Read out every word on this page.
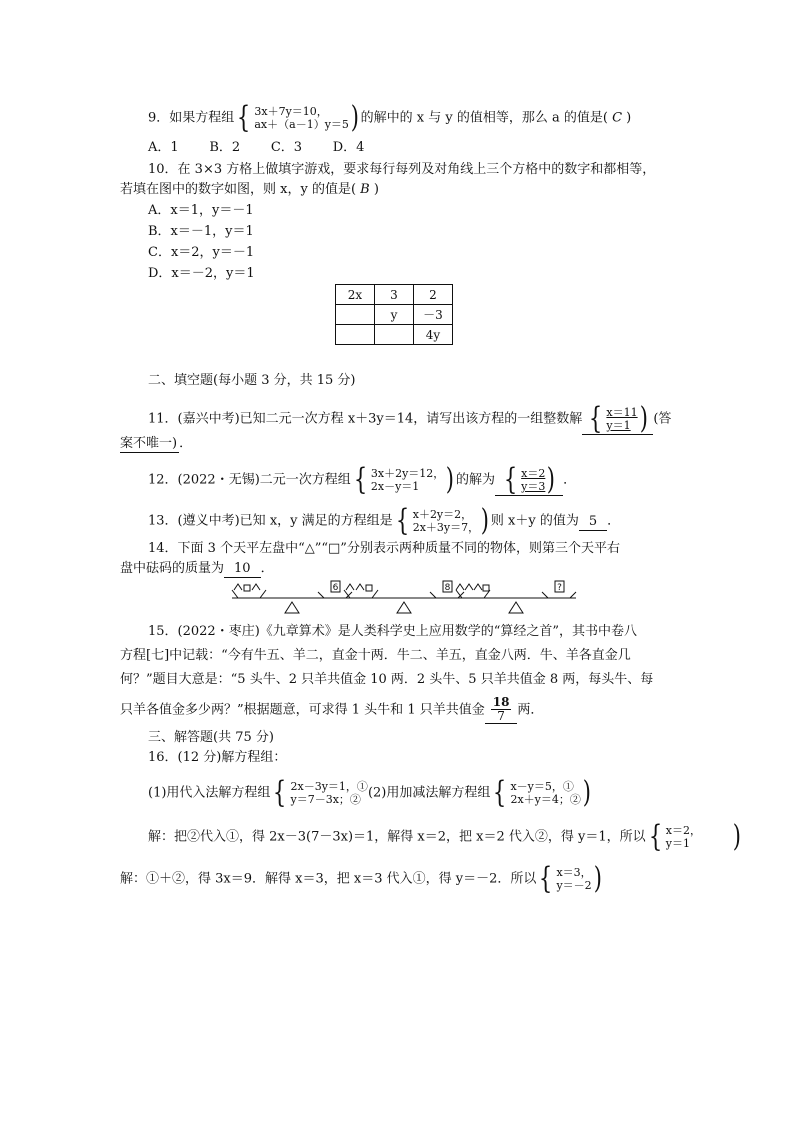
9．如果方程组 { 3x＋7y＝10，
ax＋（a－1）y＝5 ) 的解中的 x 与 y 的值相等，那么 a 的值是( C )
A．1 B．2 C．3 D．4
10．在 3×3 方格上做填字游戏，要求每行每列及对角线上三个方格中的数字和都相等，
若填在图中的数字如图，则 x，y 的值是( B )
A．x＝1，y＝－1
B．x＝－1，y＝1
C．x＝2，y＝－1
D．x＝－2，y＝1
2x	3	2
	y	－3
		4y
二、填空题(每小题 3 分，共 15 分)
11．(嘉兴中考)已知二元一次方程 x＋3y＝14，请写出该方程的一组整数解 { x＝11
y＝1 ) (答
案不唯一) ．
12．(2022・无锡)二元一次方程组 { 3x＋2y＝12，
2x－y＝1 ) 的解为 { x＝2
y＝3 ) ．
13．(遵义中考)已知 x，y 满足的方程组是 { x＋2y＝2，
2x＋3y＝7， ) 则 x＋y 的值为 5 ．
14．下面 3 个天平左盘中“△”“□”分别表示两种质量不同的物体，则第三个天平右
盘中砝码的质量为 10 ．
6	8	?
15．(2022・枣庄)《九章算术》是人类科学史上应用数学的“算经之首”，其书中卷八
方程[七]中记载：“今有牛五、羊二，直金十两．牛二、羊五，直金八两．牛、羊各直金几
何？”题目大意是：“5 头牛、2 只羊共值金 10 两．2 头牛、5 只羊共值金 8 两，每头牛、每
只羊各值金多少两？”根据题意，可求得 1 头牛和 1 只羊共值金 $\frac{18}{7}$ 两．
三、解答题(共 75 分)
16．(12 分)解方程组：
(1)用代入法解方程组 { 2x－3y＝1，①
y＝7－3x；② (2)用加减法解方程组 { x－y＝5，①
2x＋y＝4；② )
解：把②代入①，得 2x－3(7－3x)＝1，解得 x＝2，把 x＝2 代入②，得 y＝1，所以 { x＝2，
y＝1	)
解：①＋②，得 3x＝9．解得 x＝3，把 x＝3 代入①，得 y＝－2．所以 { x＝3，
y＝－2 )
